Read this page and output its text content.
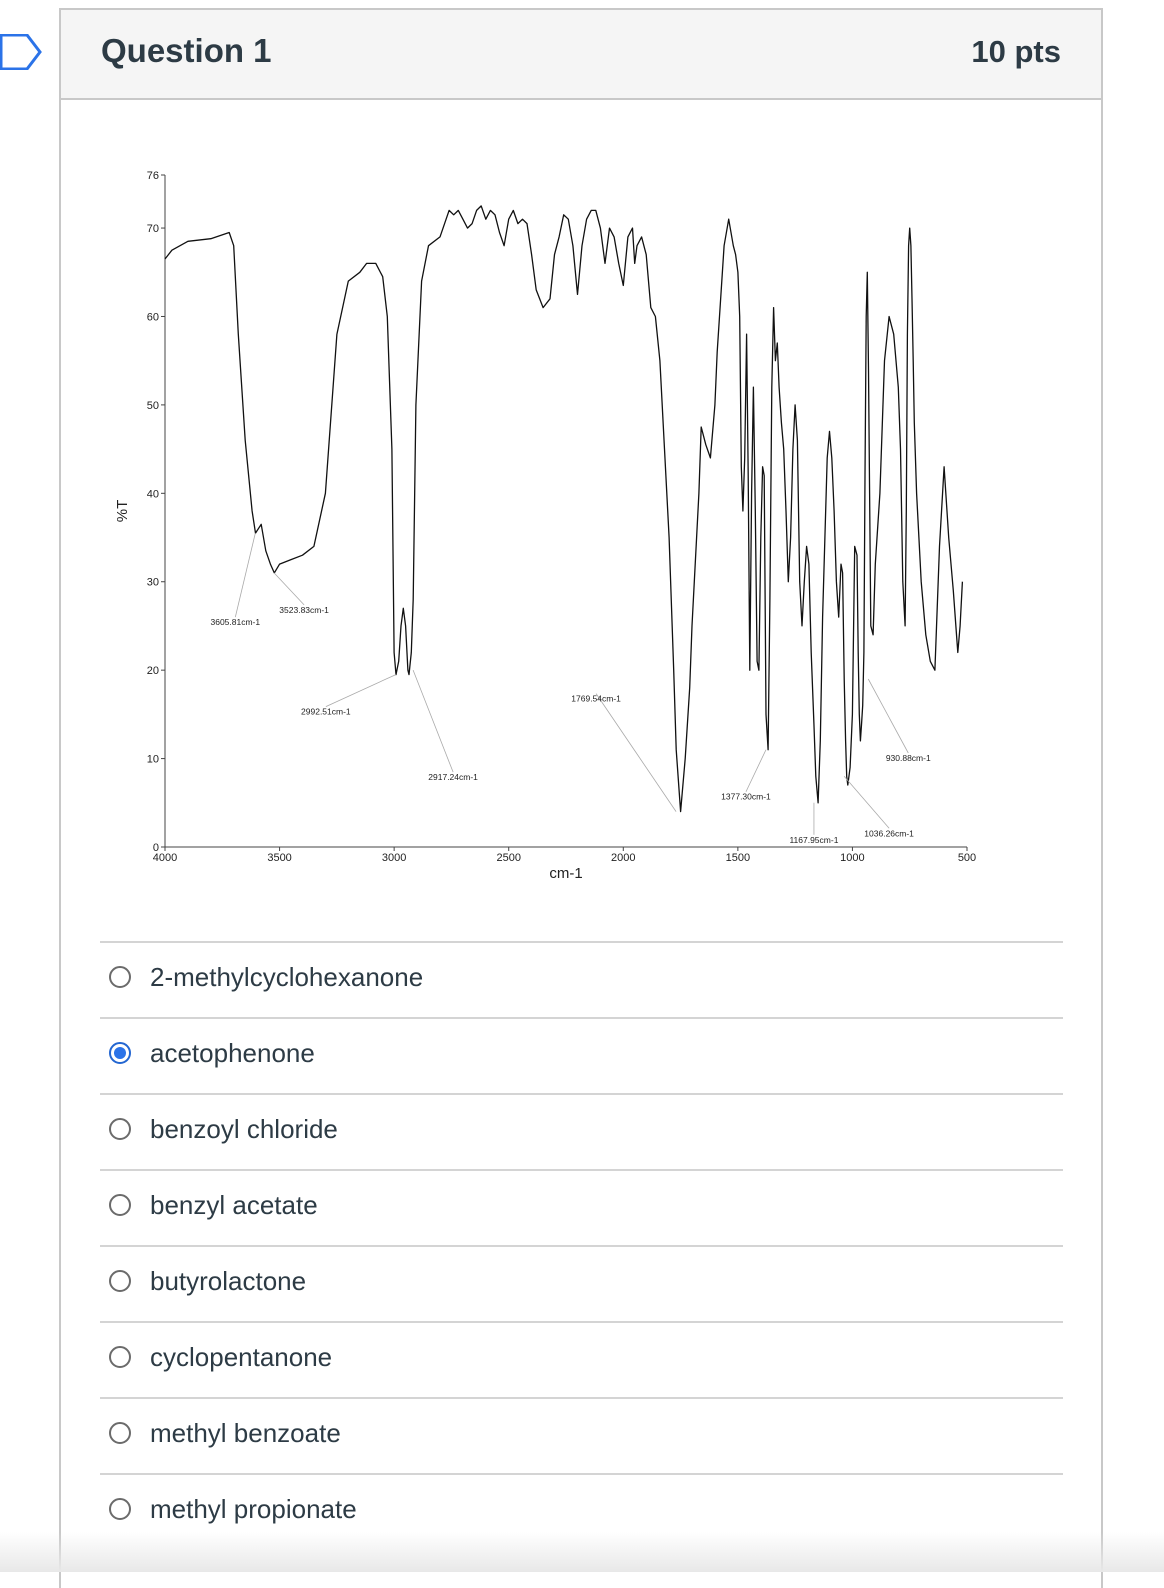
Question 1	10 pts
0
10
20
30
40
50
60
70
76
4000	3500	3000	2500	2000	1500	1000	500
cm-1
%T
3605.81cm-1
3523.83cm-1
2992.51cm-1
2917.24cm-1
1769.54cm-1
1377.30cm-1
1167.95cm-1
1036.26cm-1
930.88cm-1
2-methylcyclohexanone
acetophenone
benzoyl chloride
benzyl acetate
butyrolactone
cyclopentanone
methyl benzoate
methyl propionate
